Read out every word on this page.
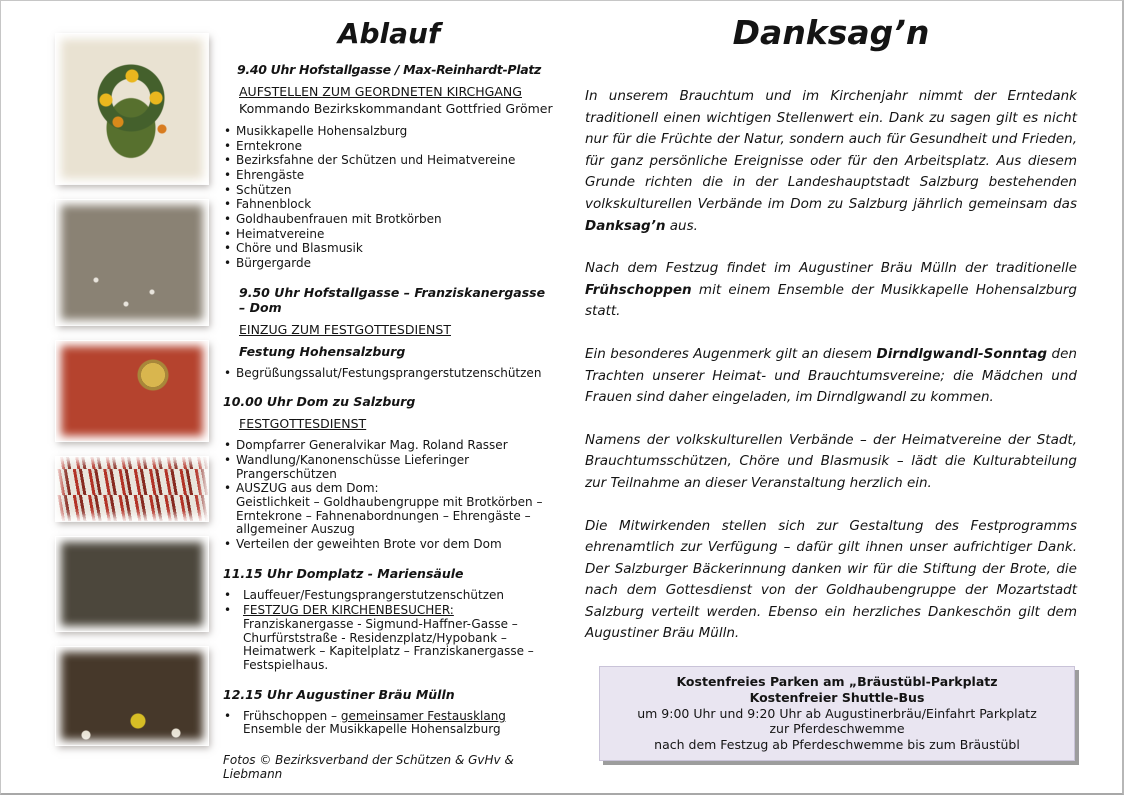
Ablauf
9.40 Uhr Hofstallgasse / Max-Reinhardt-Platz
AUFSTELLEN ZUM GEORDNETEN KIRCHGANG
Kommando Bezirkskommandant Gottfried Grömer
• Musikkapelle Hohensalzburg
• Erntekrone
• Bezirksfahne der Schützen und Heimatvereine
• Ehrengäste
• Schützen
• Fahnenblock
• Goldhaubenfrauen mit Brotkörben
• Heimatvereine
• Chöre und Blasmusik
• Bürgergarde
9.50 Uhr Hofstallgasse – Franziskanergasse – Dom
EINZUG ZUM FESTGOTTESDIENST
Festung Hohensalzburg
• Begrüßungssalut/Festungsprangerstutzenschützen
10.00 Uhr Dom zu Salzburg
FESTGOTTESDIENST
• Dompfarrer Generalvikar Mag. Roland Rasser
• Wandlung/Kanonenschüsse Lieferinger Prangerschützen
• AUSZUG aus dem Dom:
Geistlichkeit – Goldhaubengruppe mit Brotkörben – Erntekrone – Fahnenabordnungen – Ehrengäste – allgemeiner Auszug
• Verteilen der geweihten Brote vor dem Dom
11.15 Uhr Domplatz - Mariensäule
• Lauffeuer/Festungsprangerstutzenschützen
• FESTZUG DER KIRCHENBESUCHER:
Franziskanergasse - Sigmund-Haffner-Gasse – Churfürststraße - Residenzplatz/Hypobank – Heimatwerk – Kapitelplatz – Franziskanergasse – Festspielhaus.
12.15 Uhr Augustiner Bräu Mülln
• Frühschoppen – gemeinsamer Festausklang
Ensemble der Musikkapelle Hohensalzburg
Fotos © Bezirksverband der Schützen & GvHv & Liebmann
Danksag’n

In unserem Brauchtum und im Kirchenjahr nimmt der Erntedank traditionell einen wichtigen Stellenwert ein. Dank zu sagen gilt es nicht nur für die Früchte der Natur, sondern auch für Gesundheit und Frieden, für ganz persönliche Ereignisse oder für den Arbeitsplatz. Aus diesem Grunde richten die in der Landeshauptstadt Salzburg bestehenden volkskulturellen Verbände im Dom zu Salzburg jährlich gemeinsam das Danksag’n aus.

Nach dem Festzug findet im Augustiner Bräu Mülln der traditionelle Frühschoppen mit einem Ensemble der Musikkapelle Hohensalzburg statt.

Ein besonderes Augenmerk gilt an diesem Dirndlgwandl-Sonntag den Trachten unserer Heimat- und Brauchtumsvereine; die Mädchen und Frauen sind daher eingeladen, im Dirndlgwandl zu kommen.

Namens der volkskulturellen Verbände – der Heimatvereine der Stadt, Brauchtumsschützen, Chöre und Blasmusik – lädt die Kulturabteilung zur Teilnahme an dieser Veranstaltung herzlich ein.

Die Mitwirkenden stellen sich zur Gestaltung des Festprogramms ehrenamtlich zur Verfügung – dafür gilt ihnen unser aufrichtiger Dank. Der Salzburger Bäckerinnung danken wir für die Stiftung der Brote, die nach dem Gottesdienst von der Goldhaubengruppe der Mozartstadt Salzburg verteilt werden. Ebenso ein herzliches Dankeschön gilt dem Augustiner Bräu Mülln.

Kostenfreies Parken am „Bräustübl-Parkplatz
Kostenfreier Shuttle-Bus
um 9:00 Uhr und 9:20 Uhr ab Augustinerbräu/Einfahrt Parkplatz
zur Pferdeschwemme
nach dem Festzug ab Pferdeschwemme bis zum Bräustübl
